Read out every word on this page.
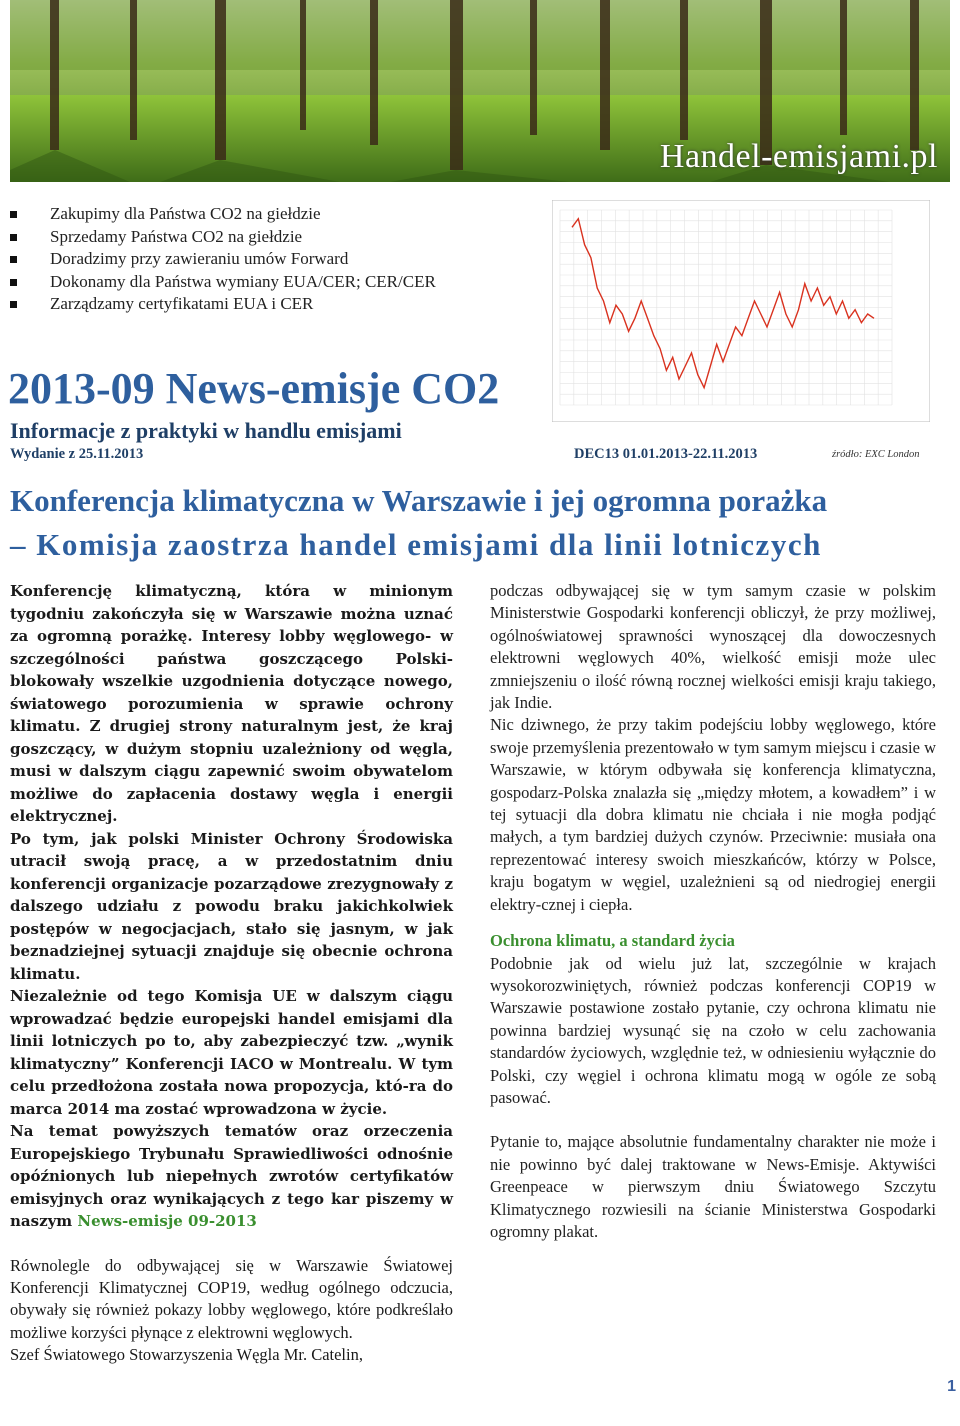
Handel-emisjami.pl
Zakupimy dla Państwa CO2 na giełdzie
Sprzedamy Państwa CO2 na giełdzie
Doradzimy przy zawieraniu umów Forward
Dokonamy dla Państwa wymiany EUA/CER; CER/CER
Zarządzamy certyfikatami EUA i CER
2013-09 News-emisje CO2
Informacje z praktyki w handlu emisjami
Wydanie z 25.11.2013	DEC13 01.01.2013-22.11.2013	źródło: EXC London
Konferencja klimatyczna w Warszawie i jej ogromna porażka
– Komisja zaostrza handel emisjami dla linii lotniczych

Konferencję klimatyczną, która w minionym tygodniu zakończyła się w Warszawie można uznać za ogromną porażkę. Interesy lobby węglowego- w szczególności państwa goszczącego Polski- blokowały wszelkie uzgodnienia dotyczące nowego, światowego porozumienia w sprawie ochrony klimatu. Z drugiej strony naturalnym jest, że kraj goszczący, w dużym stopniu uzależniony od węgla, musi w dalszym ciągu zapewnić swoim obywatelom możliwe do zapłacenia dostawy węgla i energii elektrycznej.

Po tym, jak polski Minister Ochrony Środowiska utracił swoją pracę, a w przedostatnim dniu konferencji organizacje pozarządowe zrezygnowały z dalszego udziału z powodu braku jakichkolwiek postępów w negocjacjach, stało się jasnym, w jak beznadziejnej sytuacji znajduje się obecnie ochrona klimatu.

Niezależnie od tego Komisja UE w dalszym ciągu wprowadzać będzie europejski handel emisjami dla linii lotniczych po to, aby zabezpieczyć tzw. „wynik klimatyczny” Konferencji IACO w Montrealu. W tym celu przedłożona została nowa propozycja, któ-ra do marca 2014 ma zostać wprowadzona w życie.

Na temat powyższych tematów oraz orzeczenia Europejskiego Trybunału Sprawiedliwości odnośnie opóźnionych lub niepełnych zwrotów certyfikatów emisyjnych oraz wynikających z tego kar piszemy w naszym News-emisje 09-2013

Równolegle do odbywającej się w Warszawie Światowej Konferencji Klimatycznej COP19, według ogólnego odczucia, obywały się również pokazy lobby węglowego, które podkreślało możliwe korzyści płynące z elektrowni węglowych.

Szef Światowego Stowarzyszenia Węgla Mr. Catelin,

podczas odbywającej się w tym samym czasie w polskim Ministerstwie Gospodarki konferencji obliczył, że przy możliwej, ogólnoświatowej sprawności wynoszącej dla dowoczesnych elektrowni węglowych 40%, wielkość emisji może ulec zmniejszeniu o ilość równą rocznej wielkości emisji kraju takiego, jak Indie.

Nic dziwnego, że przy takim podejściu lobby węglowego, które swoje przemyślenia prezentowało w tym samym miejscu i czasie w Warszawie, w którym odbywała się konferencja klimatyczna, gospodarz-Polska znalazła się „między młotem, a kowadłem” i w tej sytuacji dla dobra klimatu nie chciała i nie mogła podjąć małych, a tym bardziej dużych czynów. Przeciwnie: musiała ona reprezentować interesy swoich mieszkańców, którzy w Polsce, kraju bogatym w węgiel, uzależnieni są od niedrogiej energii elektry-cznej i ciepła.

Ochrona klimatu, a standard życia

Podobnie jak od wielu już lat, szczególnie w krajach wysokorozwiniętych, również podczas konferencji COP19 w Warszawie postawione zostało pytanie, czy ochrona klimatu nie powinna bardziej wysunąć się na czoło w celu zachowania standardów życiowych, względnie też, w odniesieniu wyłącznie do Polski, czy węgiel i ochrona klimatu mogą w ogóle ze sobą pasować.

Pytanie to, mające absolutnie fundamentalny charakter nie może i nie powinno być dalej traktowane w News-Emisje. Aktywiści Greenpeace w pierwszym dniu Światowego Szczytu Klimatycznego rozwiesili na ścianie Ministerstwa Gospodarki ogromny plakat.

1
